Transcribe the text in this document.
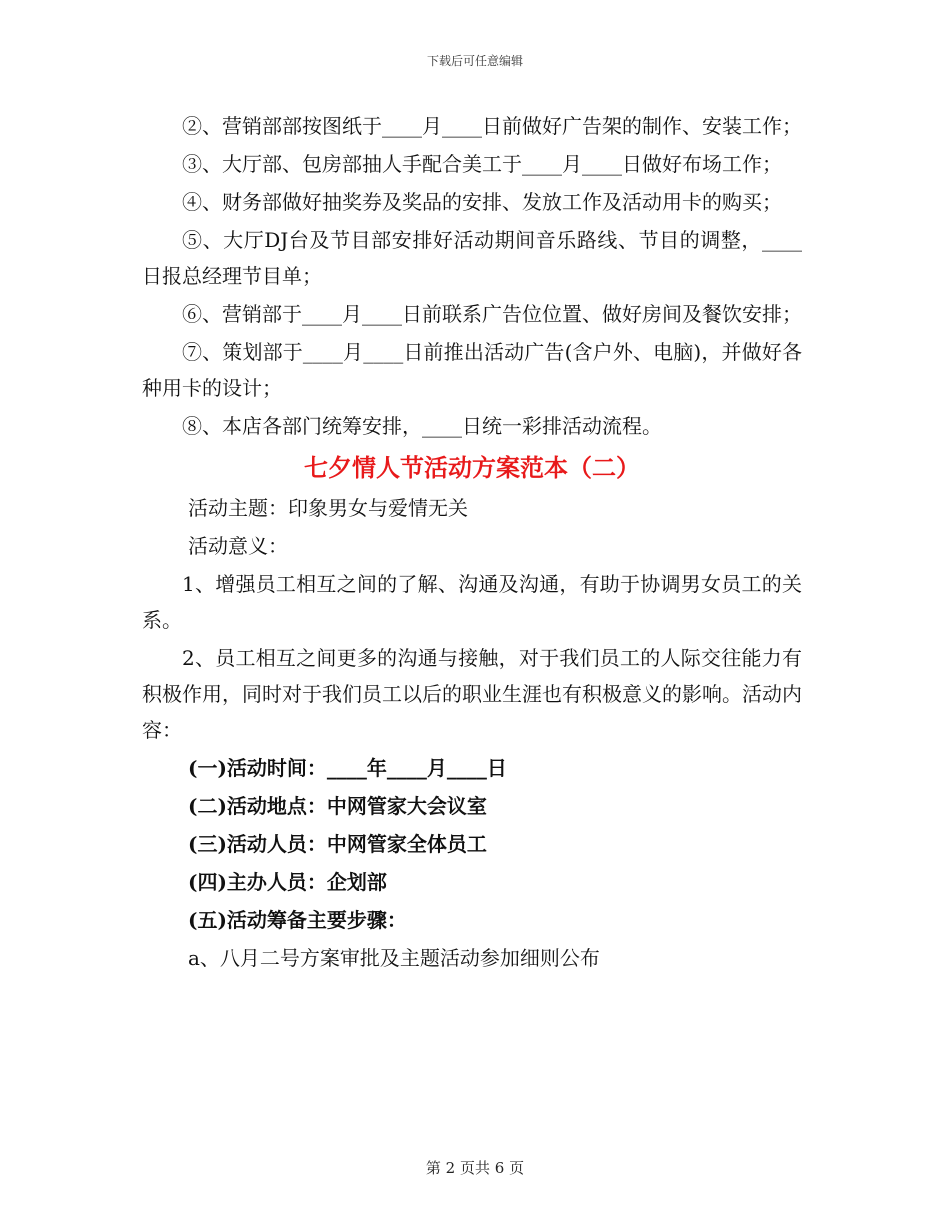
下载后可任意编辑

②、营销部部按图纸于____月____日前做好广告架的制作、安装工作；

③、大厅部、包房部抽人手配合美工于____月____日做好布场工作；

④、财务部做好抽奖券及奖品的安排、发放工作及活动用卡的购买；

⑤、大厅DJ台及节目部安排好活动期间音乐路线、节目的调整，____日报总经理节目单；

⑥、营销部于____月____日前联系广告位位置、做好房间及餐饮安排；

⑦、策划部于____月____日前推出活动广告(含户外、电脑)，并做好各种用卡的设计；

⑧、本店各部门统筹安排，____日统一彩排活动流程。

七夕情人节活动方案范本（二）

活动主题：印象男女与爱情无关

活动意义：

1、增强员工相互之间的了解、沟通及沟通，有助于协调男女员工的关系。

2、员工相互之间更多的沟通与接触，对于我们员工的人际交往能力有积极作用，同时对于我们员工以后的职业生涯也有积极意义的影响。活动内容：

(一)活动时间：____年____月____日

(二)活动地点：中网管家大会议室

(三)活动人员：中网管家全体员工

(四)主办人员：企划部

(五)活动筹备主要步骤：

a、八月二号方案审批及主题活动参加细则公布

第 2 页共 6 页
